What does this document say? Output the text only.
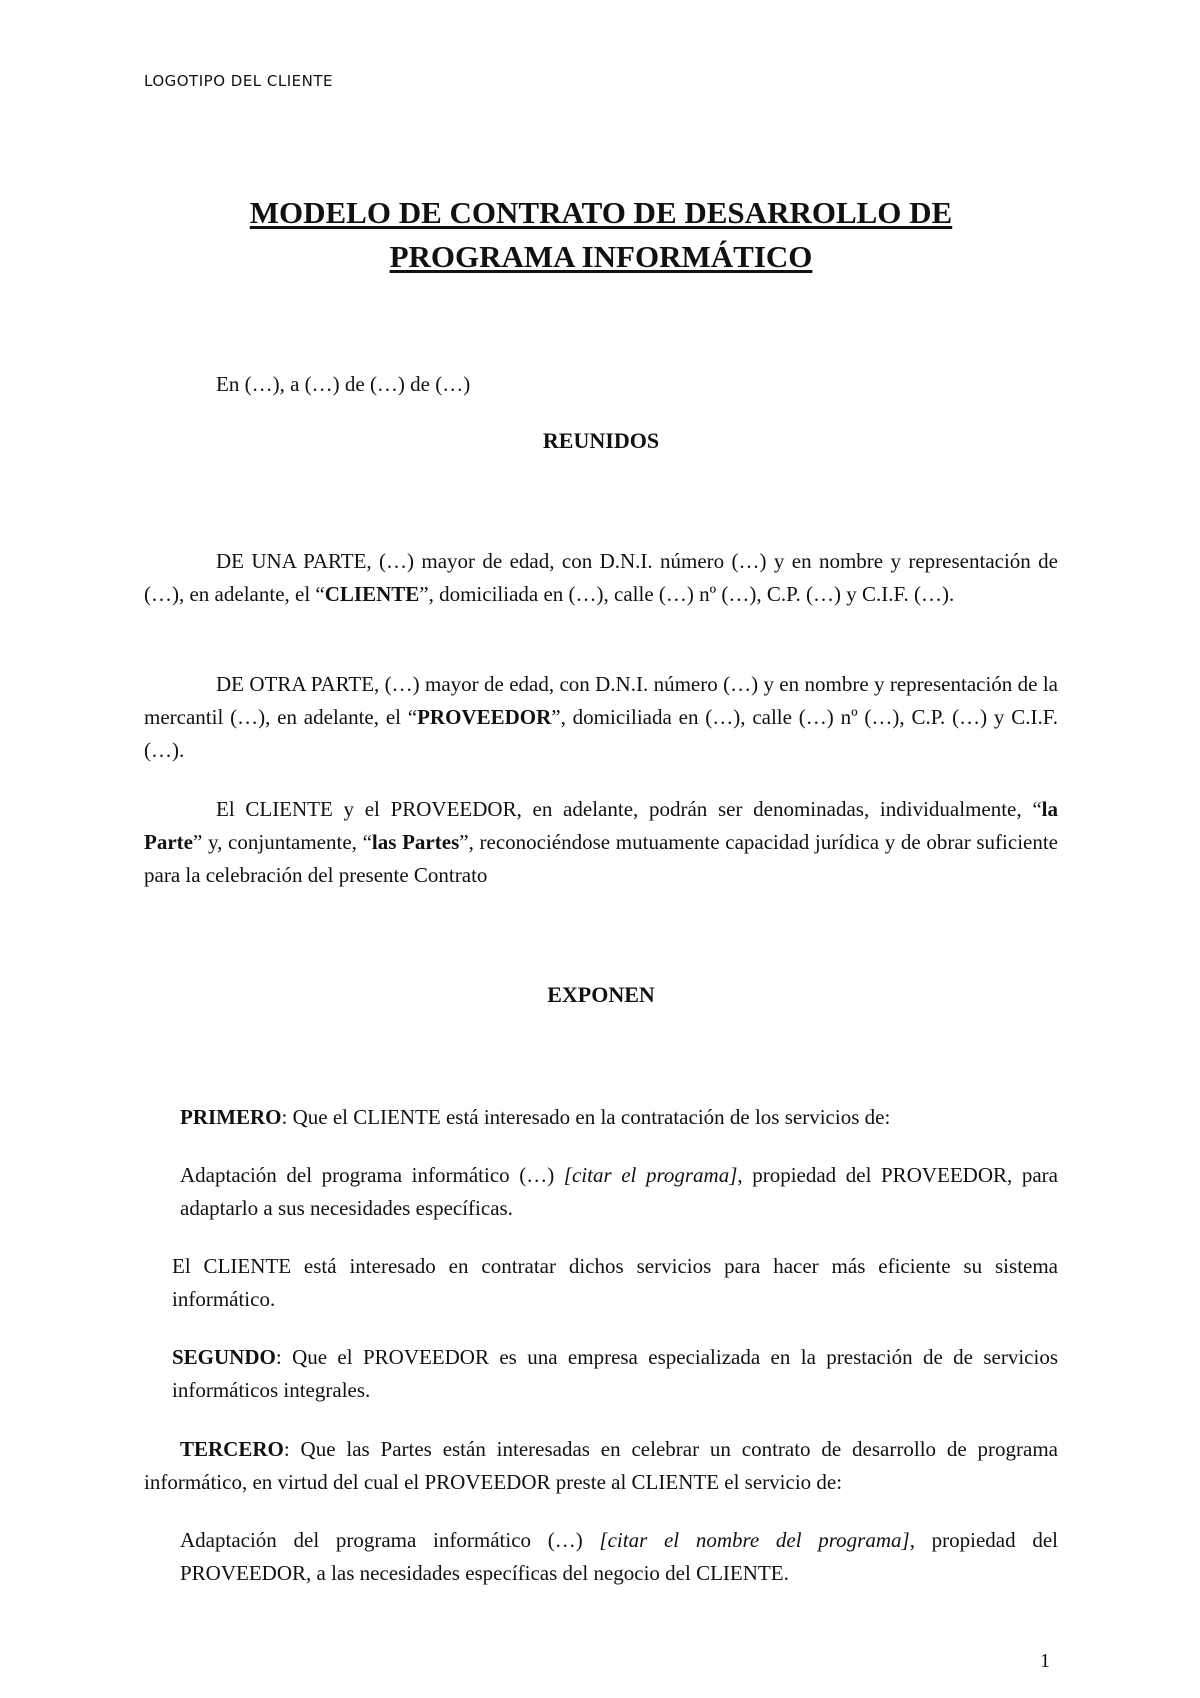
LOGOTIPO DEL CLIENTE
MODELO DE CONTRATO DE DESARROLLO DE
PROGRAMA INFORMÁTICO

En (…), a (…) de (…) de (…)

REUNIDOS

DE UNA PARTE, (…) mayor de edad, con D.N.I. número (…) y en nombre y representación de (…), en adelante, el “CLIENTE”, domiciliada en (…), calle (…) nº (…), C.P. (…) y C.I.F. (…).

DE OTRA PARTE, (…) mayor de edad, con D.N.I. número (…) y en nombre y representación de la mercantil (…), en adelante, el “PROVEEDOR”, domiciliada en (…), calle (…) nº (…), C.P. (…) y C.I.F. (…).

El CLIENTE y el PROVEEDOR, en adelante, podrán ser denominadas, individualmente, “la Parte” y, conjuntamente, “las Partes”, reconociéndose mutuamente capacidad jurídica y de obrar suficiente para la celebración del presente Contrato

EXPONEN

PRIMERO: Que el CLIENTE está interesado en la contratación de los servicios de:

Adaptación del programa informático (…) [citar el programa], propiedad del PROVEEDOR, para adaptarlo a sus necesidades específicas.

El CLIENTE está interesado en contratar dichos servicios para hacer más eficiente su sistema informático.

SEGUNDO: Que el PROVEEDOR es una empresa especializada en la prestación de de servicios informáticos integrales.

TERCERO: Que las Partes están interesadas en celebrar un contrato de desarrollo de programa informático, en virtud del cual el PROVEEDOR preste al CLIENTE el servicio de:

Adaptación del programa informático (…) [citar el nombre del programa], propiedad del PROVEEDOR, a las necesidades específicas del negocio del CLIENTE.

1
